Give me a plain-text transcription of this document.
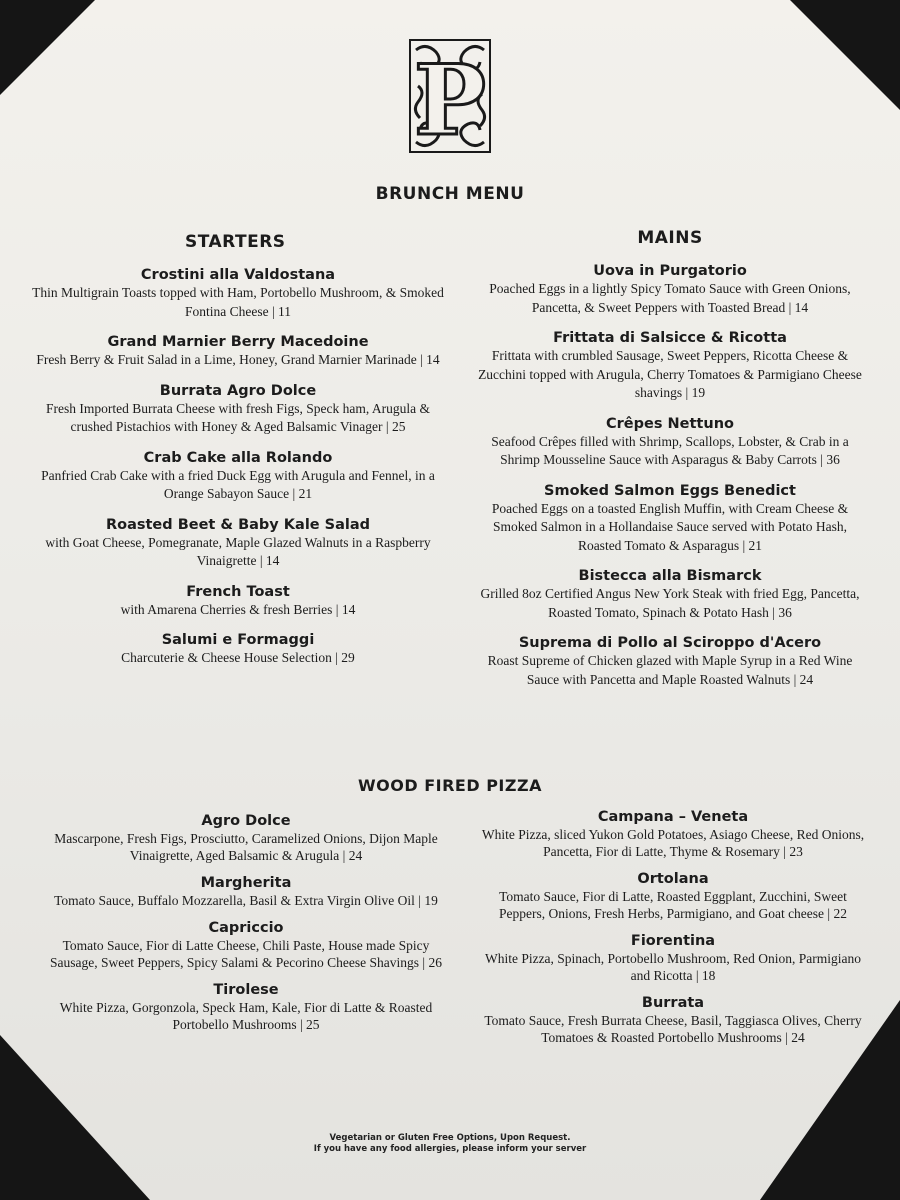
P
BRUNCH MENU
STARTERS
Crostini alla Valdostana
Thin Multigrain Toasts topped with Ham, Portobello Mushroom, & Smoked Fontina Cheese | 11
Grand Marnier Berry Macedoine
Fresh Berry & Fruit Salad in a Lime, Honey, Grand Marnier Marinade | 14
Burrata Agro Dolce
Fresh Imported Burrata Cheese with fresh Figs, Speck ham, Arugula & crushed Pistachios with Honey & Aged Balsamic Vinager | 25
Crab Cake alla Rolando
Panfried Crab Cake with a fried Duck Egg with Arugula and Fennel, in a Orange Sabayon Sauce | 21
Roasted Beet & Baby Kale Salad
with Goat Cheese, Pomegranate, Maple Glazed Walnuts in a Raspberry Vinaigrette | 14
French Toast
with Amarena Cherries & fresh Berries | 14
Salumi e Formaggi
Charcuterie & Cheese House Selection | 29
MAINS
Uova in Purgatorio
Poached Eggs in a lightly Spicy Tomato Sauce with Green Onions, Pancetta, & Sweet Peppers with Toasted Bread | 14
Frittata di Salsicce & Ricotta
Frittata with crumbled Sausage, Sweet Peppers, Ricotta Cheese & Zucchini topped with Arugula, Cherry Tomatoes & Parmigiano Cheese shavings | 19
Crêpes Nettuno
Seafood Crêpes filled with Shrimp, Scallops, Lobster, & Crab in a Shrimp Mousseline Sauce with Asparagus & Baby Carrots | 36
Smoked Salmon Eggs Benedict
Poached Eggs on a toasted English Muffin, with Cream Cheese & Smoked Salmon in a Hollandaise Sauce served with Potato Hash, Roasted Tomato & Asparagus | 21
Bistecca alla Bismarck
Grilled 8oz Certified Angus New York Steak with fried Egg, Pancetta, Roasted Tomato, Spinach & Potato Hash | 36
Suprema di Pollo al Sciroppo d'Acero
Roast Supreme of Chicken glazed with Maple Syrup in a Red Wine Sauce with Pancetta and Maple Roasted Walnuts | 24
WOOD FIRED PIZZA
Agro Dolce
Mascarpone, Fresh Figs, Prosciutto, Caramelized Onions, Dijon Maple Vinaigrette, Aged Balsamic & Arugula | 24
Margherita
Tomato Sauce, Buffalo Mozzarella, Basil & Extra Virgin Olive Oil | 19
Capriccio
Tomato Sauce, Fior di Latte Cheese, Chili Paste, House made Spicy Sausage, Sweet Peppers, Spicy Salami & Pecorino Cheese Shavings | 26
Tirolese
White Pizza, Gorgonzola, Speck Ham, Kale, Fior di Latte & Roasted Portobello Mushrooms | 25
Campana – Veneta
White Pizza, sliced Yukon Gold Potatoes, Asiago Cheese, Red Onions, Pancetta, Fior di Latte, Thyme & Rosemary | 23
Ortolana
Tomato Sauce, Fior di Latte, Roasted Eggplant, Zucchini, Sweet Peppers, Onions, Fresh Herbs, Parmigiano, and Goat cheese | 22
Fiorentina
White Pizza, Spinach, Portobello Mushroom, Red Onion, Parmigiano and Ricotta | 18
Burrata
Tomato Sauce, Fresh Burrata Cheese, Basil, Taggiasca Olives, Cherry Tomatoes & Roasted Portobello Mushrooms | 24
Vegetarian or Gluten Free Options, Upon Request.
If you have any food allergies, please inform your server
